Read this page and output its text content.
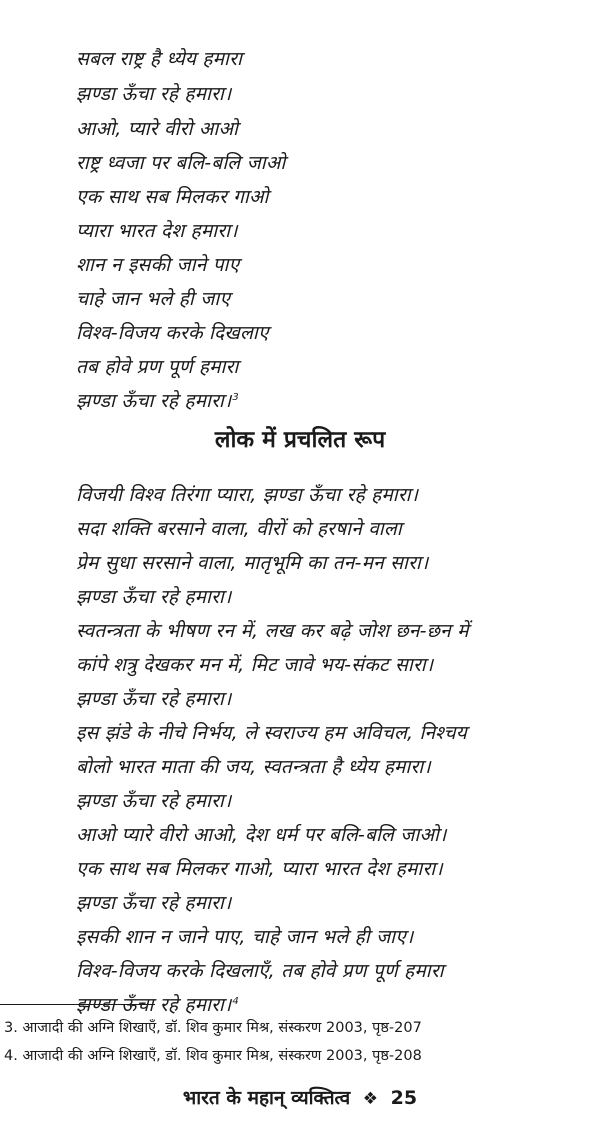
सबल राष्ट्र है ध्येय हमारा
झण्डा ऊँचा रहे हमारा।
आओ, प्यारे वीरो आओ
राष्ट्र ध्वजा पर बलि-बलि जाओ
एक साथ सब मिलकर गाओ
प्यारा भारत देश हमारा।
शान न इसकी जाने पाए
चाहे जान भले ही जाए
विश्व-विजय करके दिखलाए
तब होवे प्रण पूर्ण हमारा
झण्डा ऊँचा रहे हमारा।$^3$
लोक में प्रचलित रूप
विजयी विश्व तिरंगा प्यारा, झण्डा ऊँचा रहे हमारा।
सदा शक्ति बरसाने वाला, वीरों को हरषाने वाला
प्रेम सुधा सरसाने वाला, मातृभूमि का तन-मन सारा।
झण्डा ऊँचा रहे हमारा।
स्वतन्त्रता के भीषण रन में, लख कर बढ़े जोश छन-छन में
कांपे शत्रु देखकर मन में, मिट जावे भय-संकट सारा।
झण्डा ऊँचा रहे हमारा।
इस झंडे के नीचे निर्भय, ले स्वराज्य हम अविचल, निश्चय
बोलो भारत माता की जय, स्वतन्त्रता है ध्येय हमारा।
झण्डा ऊँचा रहे हमारा।
आओ प्यारे वीरो आओ, देश धर्म पर बलि-बलि जाओ।
एक साथ सब मिलकर गाओ, प्यारा भारत देश हमारा।
झण्डा ऊँचा रहे हमारा।
इसकी शान न जाने पाए, चाहे जान भले ही जाए।
विश्व-विजय करके दिखलाएँ, तब होवे प्रण पूर्ण हमारा
झण्डा ऊँचा रहे हमारा।$^4$
3. आजादी की अग्नि शिखाएँ, डॉ. शिव कुमार मिश्र, संस्करण 2003, पृष्ठ-207
4. आजादी की अग्नि शिखाएँ, डॉ. शिव कुमार मिश्र, संस्करण 2003, पृष्ठ-208
भारत के महान् व्यक्तित्व ❖ 25
